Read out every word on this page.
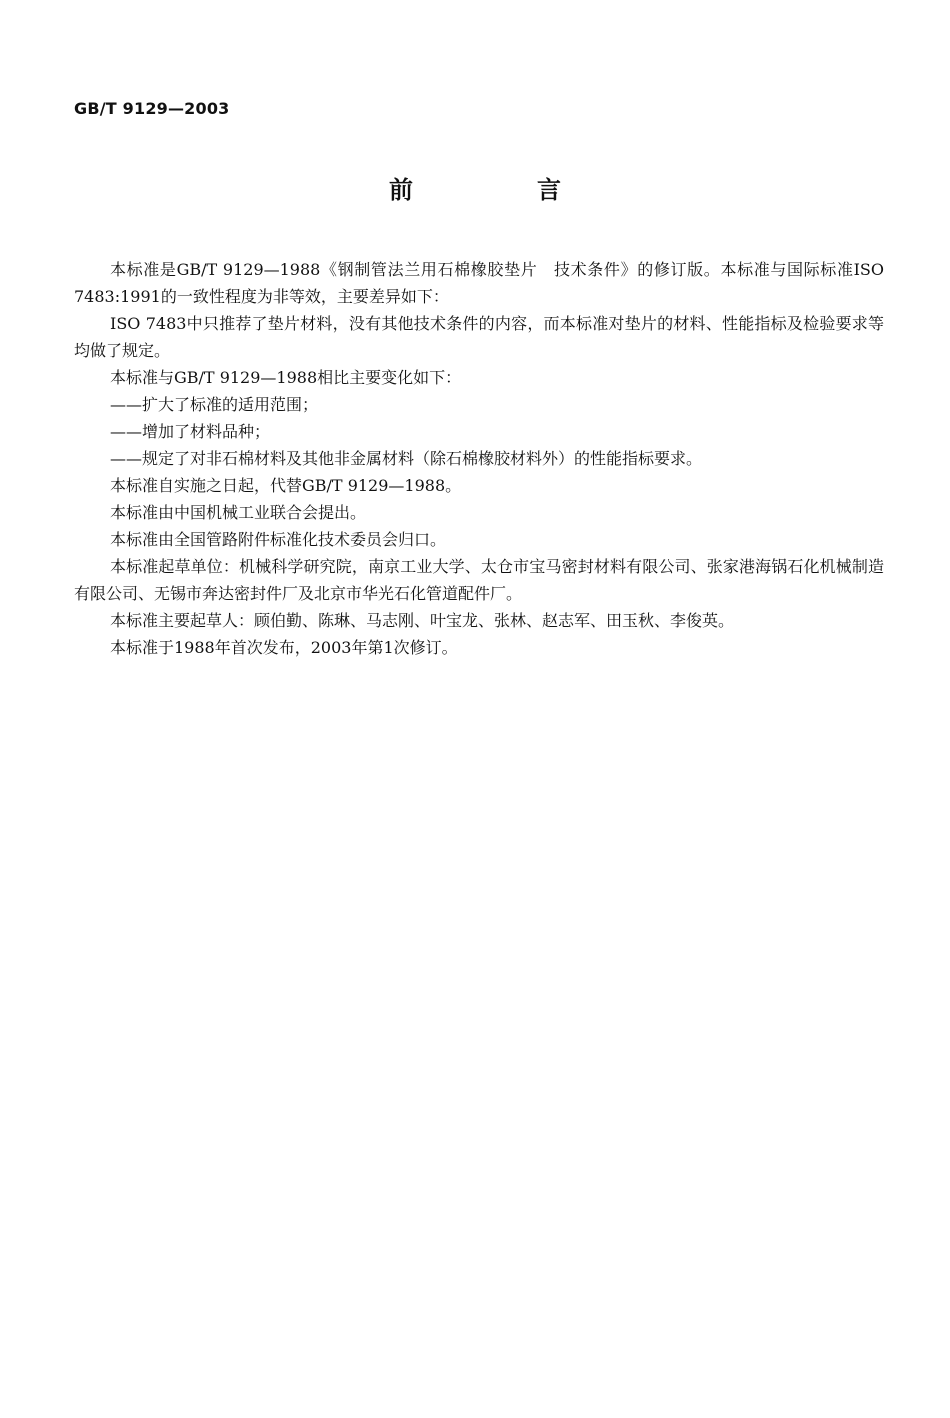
GB/T 9129—2003
前　言

本标准是GB/T 9129—1988《钢制管法兰用石棉橡胶垫片　技术条件》的修订版。本标准与国际标准ISO 7483:1991的一致性程度为非等效，主要差异如下：

ISO 7483中只推荐了垫片材料，没有其他技术条件的内容，而本标准对垫片的材料、性能指标及检验要求等均做了规定。

本标准与GB/T 9129—1988相比主要变化如下：

——扩大了标准的适用范围；

——增加了材料品种；

——规定了对非石棉材料及其他非金属材料（除石棉橡胶材料外）的性能指标要求。

本标准自实施之日起，代替GB/T 9129—1988。

本标准由中国机械工业联合会提出。

本标准由全国管路附件标准化技术委员会归口。

本标准起草单位：机械科学研究院，南京工业大学、太仓市宝马密封材料有限公司、张家港海锅石化机械制造有限公司、无锡市奔达密封件厂及北京市华光石化管道配件厂。

本标准主要起草人：顾伯勤、陈琳、马志刚、叶宝龙、张林、赵志军、田玉秋、李俊英。

本标准于1988年首次发布，2003年第1次修订。
